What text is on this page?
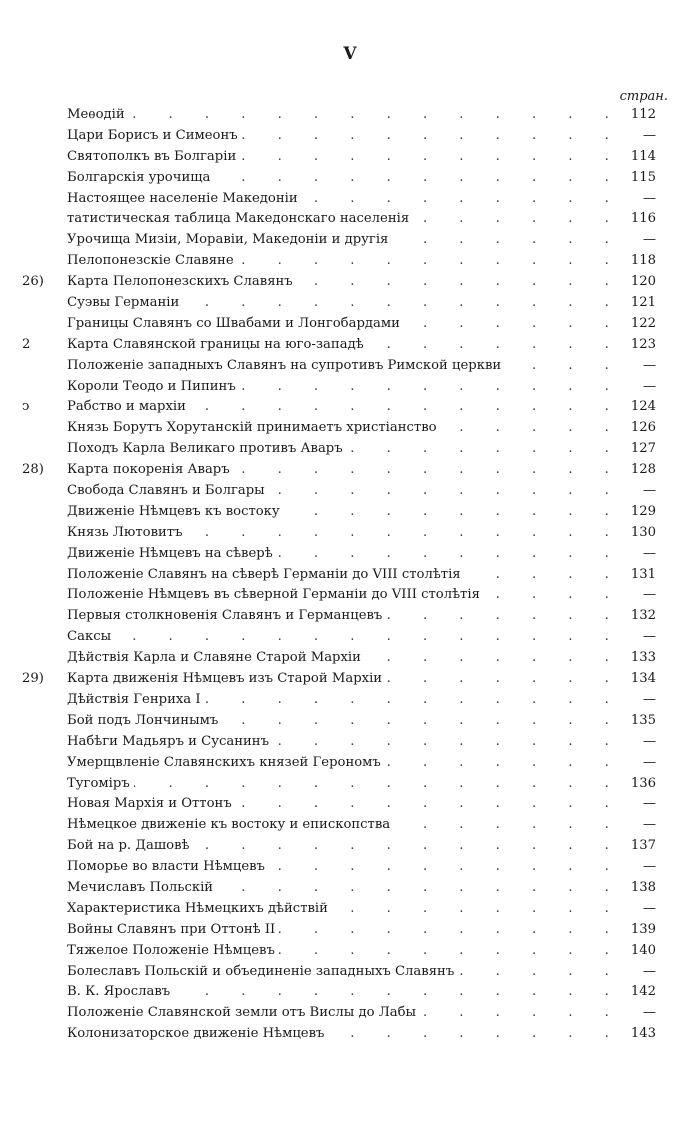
V
стран.
Меѳодій .	112
Цари Борисъ и Симеонъ .	—
Святополкъ въ Болгаріи .	114
Болгарскія урочища .	115
Настоящее населеніе Македоніи .	—
татистическая таблица Македонскаго населенія .	116
Урочища Мизіи, Моравіи, Македоніи и другія .	—
Пелопонезскіе Славяне .	118
26)	Карта Пелопонезскихъ Славянъ .	120
Суэвы Германіи .	121
Границы Славянъ со Швабами и Лонгобардами .	122
2	Карта Славянской границы на юго-западѣ .	123
Положеніе западныхъ Славянъ на супротивъ Римской церкви .	—
Короли Теодо и Пипинъ .	—
ↄ	Рабство и мархіи .	124
Князь Борутъ Хорутанскій принимаетъ христіанство .	126
Походъ Карла Великаго противъ Аваръ .	127
28)	Карта покоренія Аваръ .	128
Свобода Славянъ и Болгары .	—
Движеніе Нѣмцевъ къ востоку .	129
Князь Лютовитъ .	130
Движеніе Нѣмцевъ на сѣверѣ .	—
Положеніе Славянъ на сѣверѣ Германіи до VIII столѣтія .	131
Положеніе Нѣмцевъ въ сѣверной Германіи до VIII столѣтія .	—
Первыя столкновенія Славянъ и Германцевъ .	132
Саксы .	—
Дѣйствія Карла и Славяне Старой Мархіи .	133
29)	Карта движенія Нѣмцевъ изъ Старой Мархіи .	134
Дѣйствія Генриха I .	—
Бой подъ Лончинымъ .	135
Набѣги Мадьяръ и Сусанинъ .	—
Умерщвленіе Славянскихъ князей Герономъ .	—
Тугоміръ .	136
Новая Мархія и Оттонъ .	—
Нѣмецкое движеніе къ востоку и епископства .	—
Бой на р. Дашовѣ .	137
Поморье во власти Нѣмцевъ .	—
Мечиславъ Польскій .	138
Характеристика Нѣмецкихъ дѣйствій .	—
Войны Славянъ при Оттонѣ II .	139
Тяжелое Положеніе Нѣмцевъ .	140
Болеславъ Польскій и объединеніе западныхъ Славянъ .	—
В. К. Ярославъ .	142
Положеніе Славянской земли отъ Вислы до Лабы .	—
Колонизаторское движеніе Нѣмцевъ .	143
